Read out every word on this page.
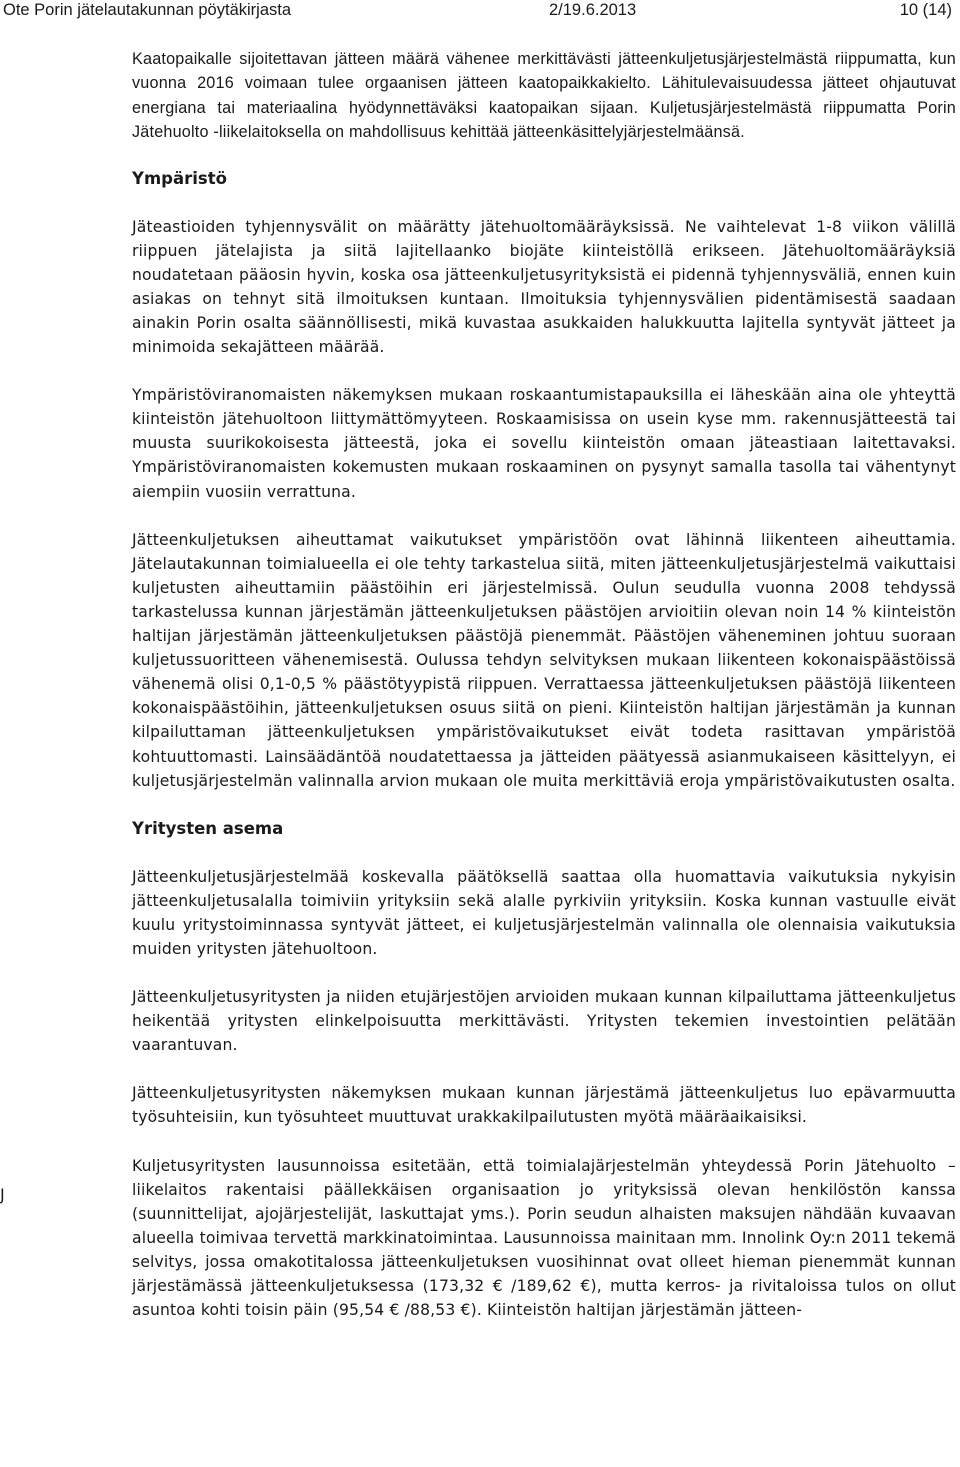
Ote Porin jätelautakunnan pöytäkirjasta	2/19.6.2013	10 (14)
J

Kaatopaikalle sijoitettavan jätteen määrä vähenee merkittävästi jätteenkuljetusjärjestelmästä riippumatta, kun vuonna 2016 voimaan tulee orgaanisen jätteen kaatopaikkakielto. Lähitulevaisuudessa jätteet ohjautuvat energiana tai materiaalina hyödynnettäväksi kaatopaikan sijaan. Kuljetusjärjestelmästä riippumatta Porin Jätehuolto -liikelaitoksella on mahdollisuus kehittää jätteenkäsittelyjärjestelmäänsä.

Ympäristö

Jäteastioiden tyhjennysvälit on määrätty jätehuoltomääräyksissä. Ne vaihtelevat 1-8 viikon välillä riippuen jätelajista ja siitä lajitellaanko biojäte kiinteistöllä erikseen. Jätehuoltomääräyksiä noudatetaan pääosin hyvin, koska osa jätteenkuljetusyrityksistä ei pidennä tyhjennysväliä, ennen kuin asiakas on tehnyt sitä ilmoituksen kuntaan. Ilmoituksia tyhjennysvälien pidentämisestä saadaan ainakin Porin osalta säännöllisesti, mikä kuvastaa asukkaiden halukkuutta lajitella syntyvät jätteet ja minimoida sekajätteen määrää.

Ympäristöviranomaisten näkemyksen mukaan roskaantumistapauksilla ei läheskään aina ole yhteyttä kiinteistön jätehuoltoon liittymättömyyteen. Roskaamisissa on usein kyse mm. rakennusjätteestä tai muusta suurikokoisesta jätteestä, joka ei sovellu kiinteistön omaan jäteastiaan laitettavaksi. Ympäristöviranomaisten kokemusten mukaan roskaaminen on pysynyt samalla tasolla tai vähentynyt aiempiin vuosiin verrattuna.

Jätteenkuljetuksen aiheuttamat vaikutukset ympäristöön ovat lähinnä liikenteen aiheuttamia. Jätelautakunnan toimialueella ei ole tehty tarkastelua siitä, miten jätteenkuljetusjärjestelmä vaikuttaisi kuljetusten aiheuttamiin päästöihin eri järjestelmissä. Oulun seudulla vuonna 2008 tehdyssä tarkastelussa kunnan järjestämän jätteenkuljetuksen päästöjen arvioitiin olevan noin 14 % kiinteistön haltijan järjestämän jätteenkuljetuksen päästöjä pienemmät. Päästöjen väheneminen johtuu suoraan kuljetussuoritteen vähenemisestä. Oulussa tehdyn selvityksen mukaan liikenteen kokonaispäästöissä vähenemä olisi 0,1-0,5 % päästötyypistä riippuen. Verrattaessa jätteenkuljetuksen päästöjä liikenteen kokonaispäästöihin, jätteenkuljetuksen osuus siitä on pieni. Kiinteistön haltijan järjestämän ja kunnan kilpailuttaman jätteenkuljetuksen ympäristövaikutukset eivät todeta rasittavan ympäristöä kohtuuttomasti. Lainsäädäntöä noudatettaessa ja jätteiden päätyessä asianmukaiseen käsittelyyn, ei kuljetusjärjestelmän valinnalla arvion mukaan ole muita merkittäviä eroja ympäristövaikutusten osalta.

Yritysten asema

Jätteenkuljetusjärjestelmää koskevalla päätöksellä saattaa olla huomattavia vaikutuksia nykyisin jätteenkuljetusalalla toimiviin yrityksiin sekä alalle pyrkiviin yrityksiin. Koska kunnan vastuulle eivät kuulu yritystoiminnassa syntyvät jätteet, ei kuljetusjärjestelmän valinnalla ole olennaisia vaikutuksia muiden yritysten jätehuoltoon.

Jätteenkuljetusyritysten ja niiden etujärjestöjen arvioiden mukaan kunnan kilpailuttama jätteenkuljetus heikentää yritysten elinkelpoisuutta merkittävästi. Yritysten tekemien investointien pelätään vaarantuvan.

Jätteenkuljetusyritysten näkemyksen mukaan kunnan järjestämä jätteenkuljetus luo epävarmuutta työsuhteisiin, kun työsuhteet muuttuvat urakkakilpailutusten myötä määräaikaisiksi.

Kuljetusyritysten lausunnoissa esitetään, että toimialajärjestelmän yhteydessä Porin Jätehuolto –liikelaitos rakentaisi päällekkäisen organisaation jo yrityksissä olevan henkilöstön kanssa (suunnittelijat, ajojärjestelijät, laskuttajat yms.). Porin seudun alhaisten maksujen nähdään kuvaavan alueella toimivaa tervettä markkinatoimintaa. Lausunnoissa mainitaan mm. Innolink Oy:n 2011 tekemä selvitys, jossa omakotitalossa jätteenkuljetuksen vuosihinnat ovat olleet hieman pienemmät kunnan järjestämässä jätteenkuljetuksessa (173,32 € /189,62 €), mutta kerros- ja rivitaloissa tulos on ollut asuntoa kohti toisin päin (95,54 € /88,53 €). Kiinteistön haltijan järjestämän jätteen-
